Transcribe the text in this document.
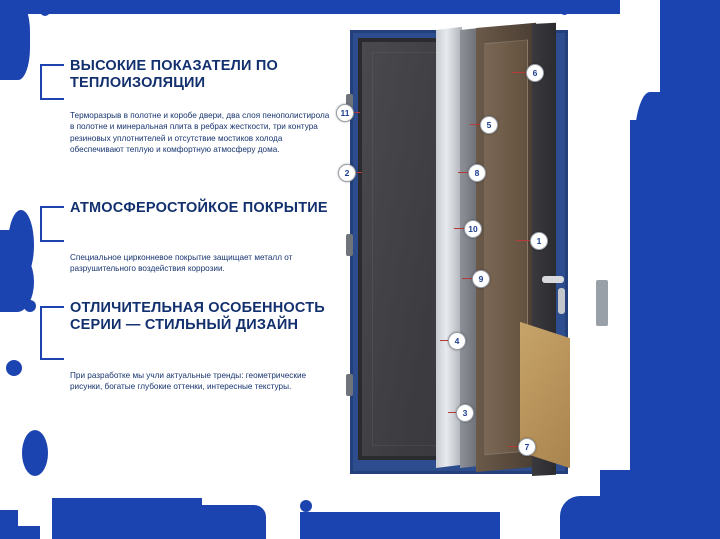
ВЫСОКИЕ ПОКАЗАТЕЛИ ПО ТЕПЛОИЗОЛЯЦИИ
Терморазрыв в полотне и коробе двери, два слоя пенополистирола в полотне и минеральная плита в ребрах жесткости, три контура резиновых уплотнителей и отсутствие мостиков холода обеспечивают теплую и комфортную атмосферу дома.
АТМОСФЕРОСТОЙКОЕ ПОКРЫТИЕ
Специальное цирконневое покрытие защищает металл от разрушительного воздействия коррозии.
ОТЛИЧИТЕЛЬНАЯ ОСОБЕННОСТЬ СЕРИИ — СТИЛЬНЫЙ ДИЗАЙН
При разработке мы учли актуальные тренды: геометрические рисунки, богатые глубокие оттенки, интересные текстуры.
11
2
6
5
8
10
1
9
4
3
7
